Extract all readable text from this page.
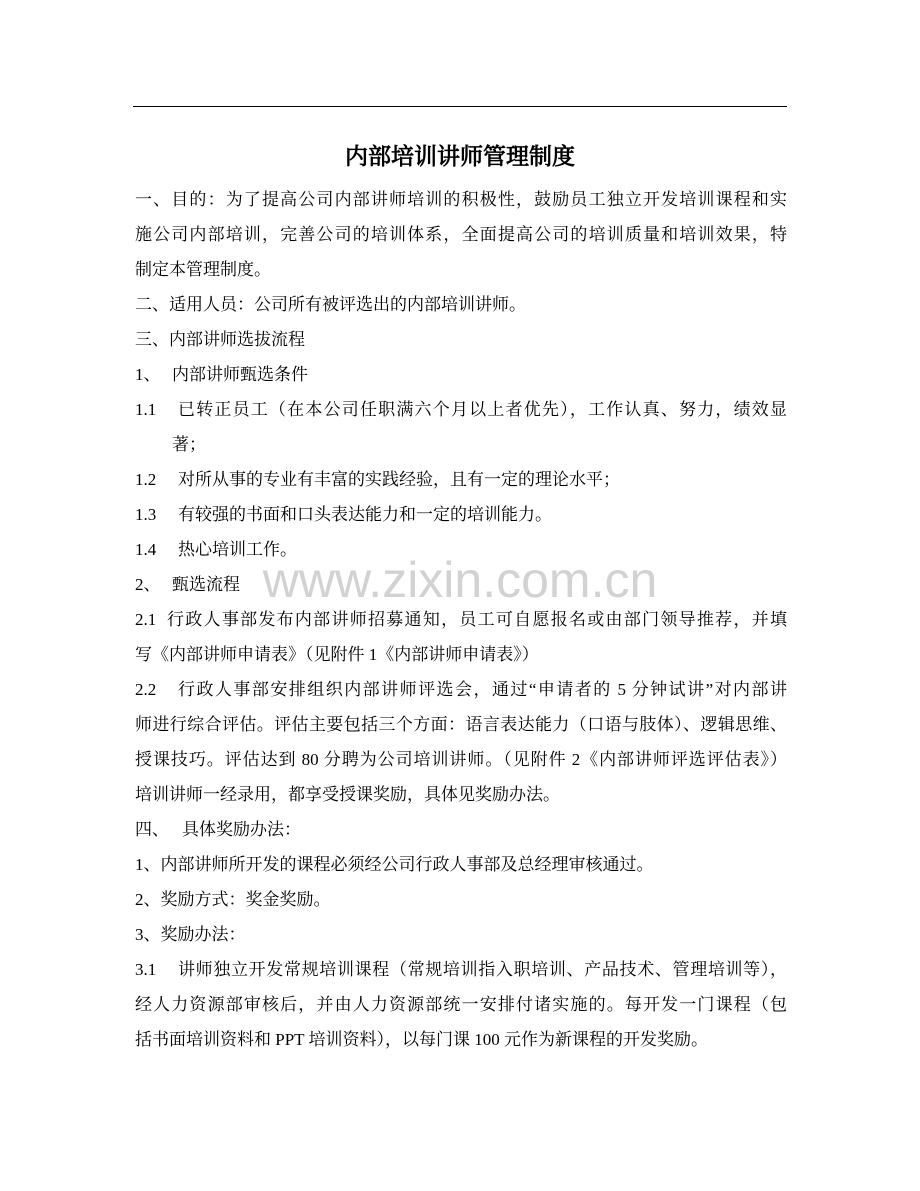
www.zixin.com.cn
内部培训讲师管理制度
一、目的：为了提高公司内部讲师培训的积极性，鼓励员工独立开发培训课程和实
施公司内部培训，完善公司的培训体系，全面提高公司的培训质量和培训效果，特
制定本管理制度。
二、适用人员：公司所有被评选出的内部培训讲师。
三、内部讲师选拔流程
1、 内部讲师甄选条件
1.1	已转正员工（在本公司任职满六个月以上者优先），工作认真、努力，绩效显
著；
1.2	对所从事的专业有丰富的实践经验，且有一定的理论水平；
1.3	有较强的书面和口头表达能力和一定的培训能力。
1.4	热心培训工作。
2、 甄选流程
2.1 行政人事部发布内部讲师招募通知，员工可自愿报名或由部门领导推荐，并填
写《内部讲师申请表》（见附件 1《内部讲师申请表》）
2.2	行政人事部安排组织内部讲师评选会，通过“申请者的 5 分钟试讲”对内部讲
师进行综合评估。评估主要包括三个方面：语言表达能力（口语与肢体）、逻辑思维、
授课技巧。评估达到 80 分聘为公司培训讲师。（见附件 2《内部讲师评选评估表》）
培训讲师一经录用，都享受授课奖励，具体见奖励办法。
四、 具体奖励办法：
1、内部讲师所开发的课程必须经公司行政人事部及总经理审核通过。
2、奖励方式：奖金奖励。
3、奖励办法：
3.1	讲师独立开发常规培训课程（常规培训指入职培训、产品技术、管理培训等），
经人力资源部审核后，并由人力资源部统一安排付诸实施的。每开发一门课程（包
括书面培训资料和 PPT 培训资料），以每门课 100 元作为新课程的开发奖励。
